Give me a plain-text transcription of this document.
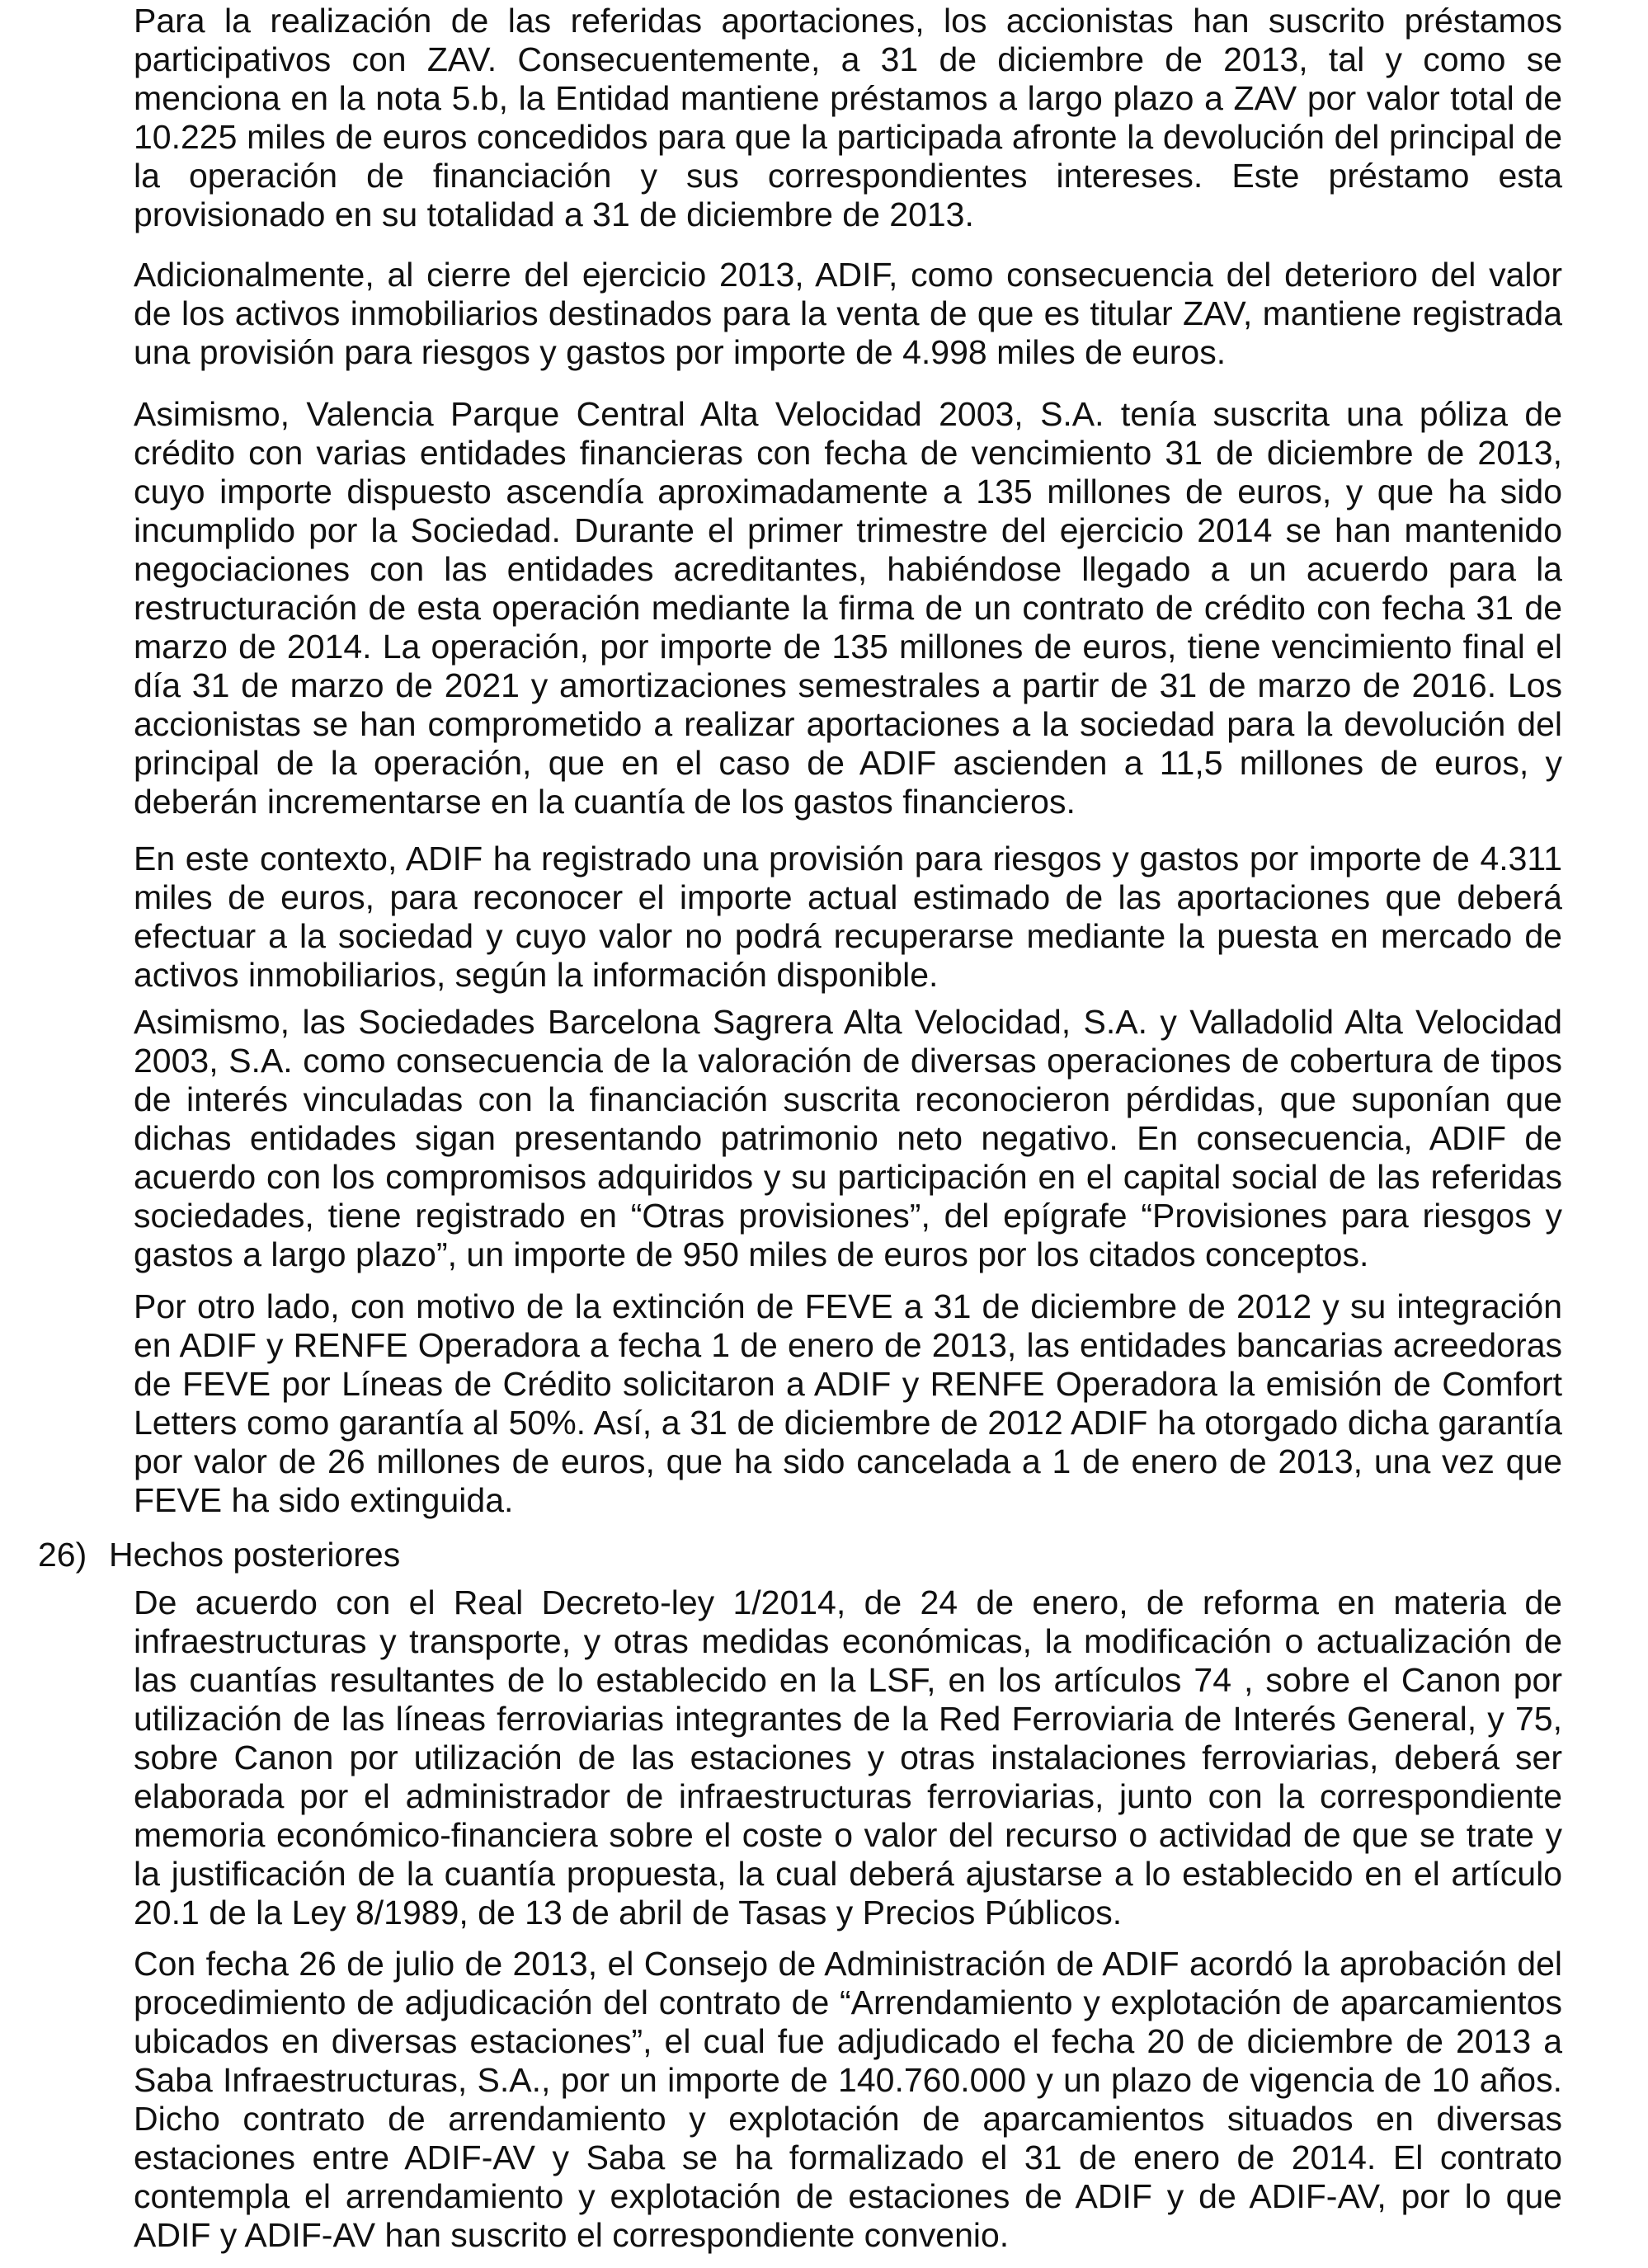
Para la realización de las referidas aportaciones, los accionistas han suscrito préstamos participativos con ZAV. Consecuentemente, a 31 de diciembre de 2013, tal y como se menciona en la nota 5.b, la Entidad mantiene préstamos a largo plazo a ZAV por valor total de 10.225 miles de euros concedidos para que la participada afronte la devolución del principal de la operación de financiación y sus correspondientes intereses. Este préstamo esta provisionado en su totalidad a 31 de diciembre de 2013.

Adicionalmente, al cierre del ejercicio 2013, ADIF, como consecuencia del deterioro del valor de los activos inmobiliarios destinados para la venta de que es titular ZAV, mantiene registrada una provisión para riesgos y gastos por importe de 4.998 miles de euros.

Asimismo, Valencia Parque Central Alta Velocidad 2003, S.A. tenía suscrita una póliza de crédito con varias entidades financieras con fecha de vencimiento 31 de diciembre de 2013, cuyo importe dispuesto ascendía aproximadamente a 135 millones de euros, y que ha sido incumplido por la Sociedad. Durante el primer trimestre del ejercicio 2014 se han mantenido negociaciones con las entidades acreditantes, habiéndose llegado a un acuerdo para la restructuración de esta operación mediante la firma de un contrato de crédito con fecha 31 de marzo de 2014. La operación, por importe de 135 millones de euros, tiene vencimiento final el día 31 de marzo de 2021 y amortizaciones semestrales a partir de 31 de marzo de 2016. Los accionistas se han comprometido a realizar aportaciones a la sociedad para la devolución del principal de la operación, que en el caso de ADIF ascienden a 11,5 millones de euros, y deberán incrementarse en la cuantía de los gastos financieros.

En este contexto, ADIF ha registrado una provisión para riesgos y gastos por importe de 4.311 miles de euros, para reconocer el importe actual estimado de las aportaciones que deberá efectuar a la sociedad y cuyo valor no podrá recuperarse mediante la puesta en mercado de activos inmobiliarios, según la información disponible.

Asimismo, las Sociedades Barcelona Sagrera Alta Velocidad, S.A. y Valladolid Alta Velocidad 2003, S.A. como consecuencia de la valoración de diversas operaciones de cobertura de tipos de interés vinculadas con la financiación suscrita reconocieron pérdidas, que suponían que dichas entidades sigan presentando patrimonio neto negativo. En consecuencia, ADIF de acuerdo con los compromisos adquiridos y su participación en el capital social de las referidas sociedades, tiene registrado en “Otras provisiones”, del epígrafe “Provisiones para riesgos y gastos a largo plazo”, un importe de 950 miles de euros por los citados conceptos.

Por otro lado, con motivo de la extinción de FEVE a 31 de diciembre de 2012 y su integración en ADIF y RENFE Operadora a fecha 1 de enero de 2013, las entidades bancarias acreedoras de FEVE por Líneas de Crédito solicitaron a ADIF y RENFE Operadora la emisión de Comfort Letters como garantía al 50%. Así, a 31 de diciembre de 2012 ADIF ha otorgado dicha garantía por valor de 26 millones de euros, que ha sido cancelada a 1 de enero de 2013, una vez que FEVE ha sido extinguida.

26) Hechos posteriores

De acuerdo con el Real Decreto-ley 1/2014, de 24 de enero, de reforma en materia de infraestructuras y transporte, y otras medidas económicas, la modificación o actualización de las cuantías resultantes de lo establecido en la LSF, en los artículos 74 , sobre el Canon por utilización de las líneas ferroviarias integrantes de la Red Ferroviaria de Interés General, y 75, sobre Canon por utilización de las estaciones y otras instalaciones ferroviarias, deberá ser elaborada por el administrador de infraestructuras ferroviarias, junto con la correspondiente memoria económico-financiera sobre el coste o valor del recurso o actividad de que se trate y la justificación de la cuantía propuesta, la cual deberá ajustarse a lo establecido en el artículo 20.1 de la Ley 8/1989, de 13 de abril de Tasas y Precios Públicos.

Con fecha 26 de julio de 2013, el Consejo de Administración de ADIF acordó la aprobación del procedimiento de adjudicación del contrato de “Arrendamiento y explotación de aparcamientos ubicados en diversas estaciones”, el cual fue adjudicado el fecha 20 de diciembre de 2013 a Saba Infraestructuras, S.A., por un importe de 140.760.000 y un plazo de vigencia de 10 años. Dicho contrato de arrendamiento y explotación de aparcamientos situados en diversas estaciones entre ADIF-AV y Saba se ha formalizado el 31 de enero de 2014. El contrato contempla el arrendamiento y explotación de estaciones de ADIF y de ADIF-AV, por lo que ADIF y ADIF-AV han suscrito el correspondiente convenio.
